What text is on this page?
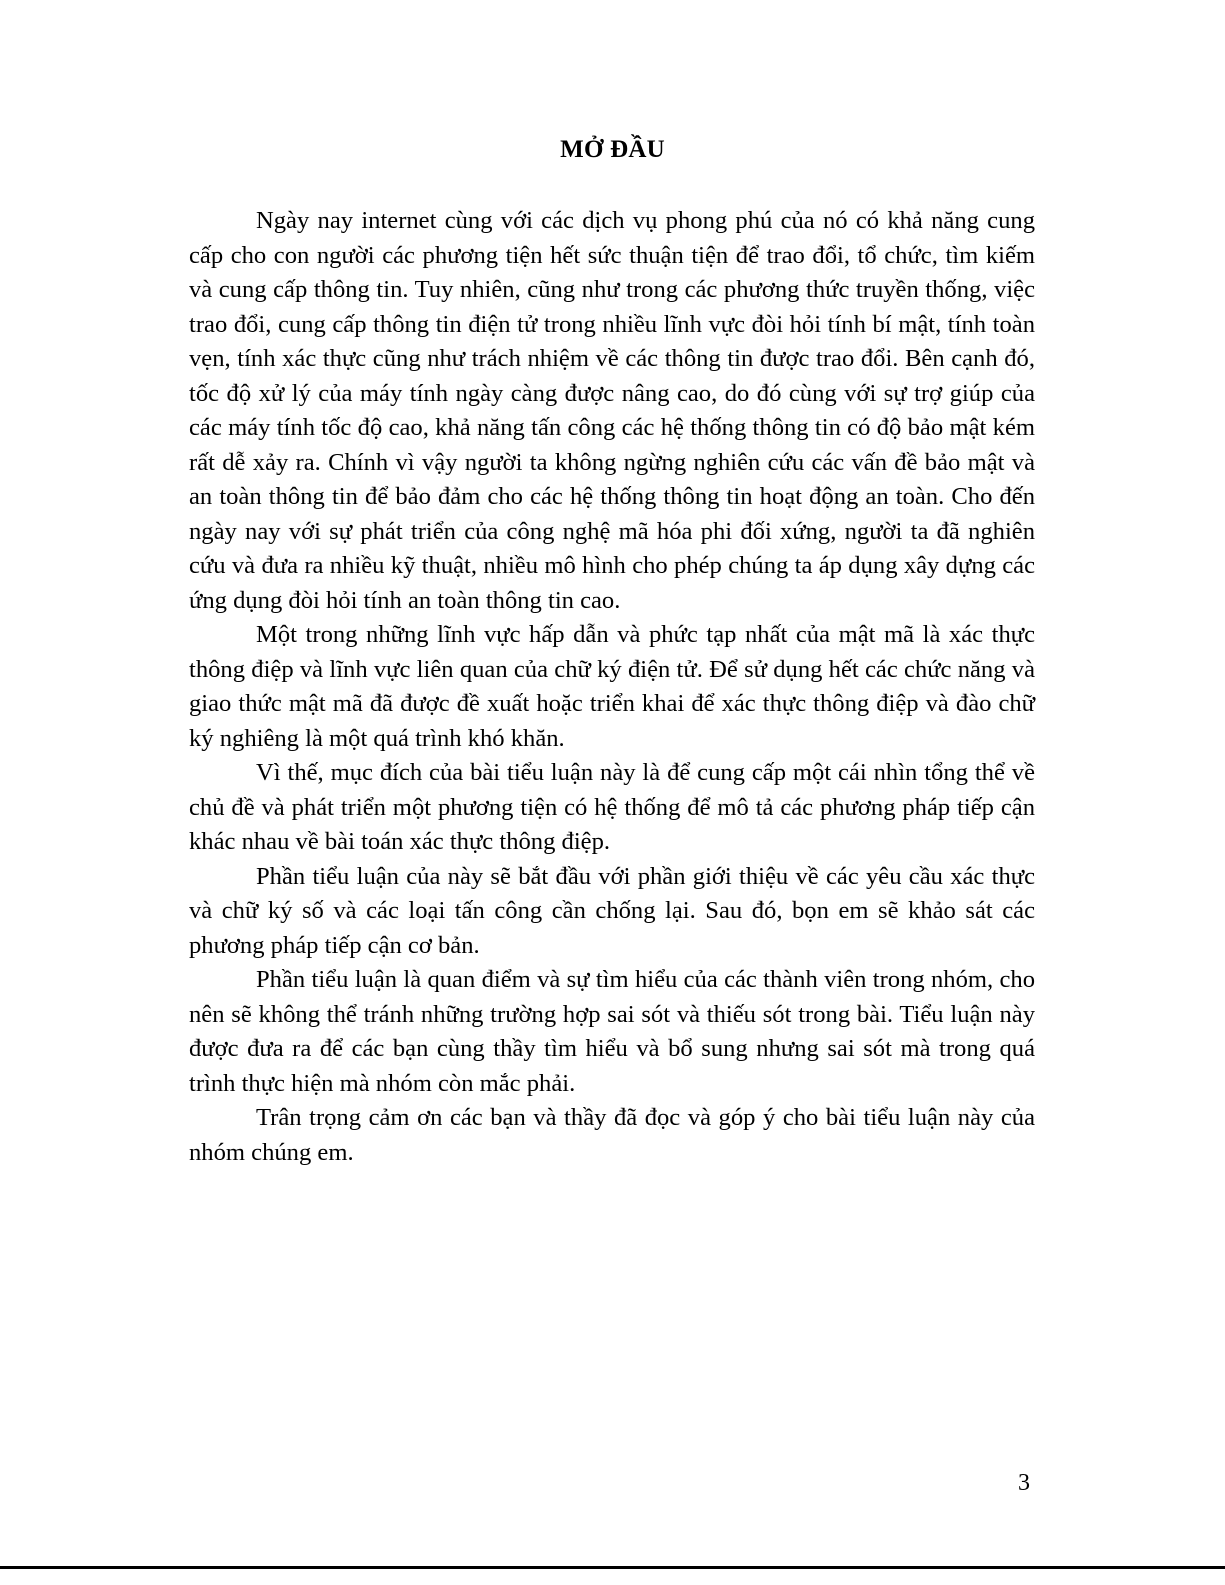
MỞ ĐẦU

Ngày nay internet cùng với các dịch vụ phong phú của nó có khả năng cung cấp cho con người các phương tiện hết sức thuận tiện để trao đổi, tổ chức, tìm kiếm và cung cấp thông tin. Tuy nhiên, cũng như trong các phương thức truyền thống, việc trao đổi, cung cấp thông tin điện tử trong nhiều lĩnh vực đòi hỏi tính bí mật, tính toàn vẹn, tính xác thực cũng như trách nhiệm về các thông tin được trao đổi. Bên cạnh đó, tốc độ xử lý của máy tính ngày càng được nâng cao, do đó cùng với sự trợ giúp của các máy tính tốc độ cao, khả năng tấn công các hệ thống thông tin có độ bảo mật kém rất dễ xảy ra. Chính vì vậy người ta không ngừng nghiên cứu các vấn đề bảo mật và an toàn thông tin để bảo đảm cho các hệ thống thông tin hoạt động an toàn. Cho đến ngày nay với sự phát triển của công nghệ mã hóa phi đối xứng, người ta đã nghiên cứu và đưa ra nhiều kỹ thuật, nhiều mô hình cho phép chúng ta áp dụng xây dựng các ứng dụng đòi hỏi tính an toàn thông tin cao.

Một trong những lĩnh vực hấp dẫn và phức tạp nhất của mật mã là xác thực thông điệp và lĩnh vực liên quan của chữ ký điện tử. Để sử dụng hết các chức năng và giao thức mật mã đã được đề xuất hoặc triển khai để xác thực thông điệp và đào chữ ký nghiêng là một quá trình khó khăn.

Vì thế, mục đích của bài tiểu luận này là để cung cấp một cái nhìn tổng thể về chủ đề và phát triển một phương tiện có hệ thống để mô tả các phương pháp tiếp cận khác nhau về bài toán xác thực thông điệp.

Phần tiểu luận của này sẽ bắt đầu với phần giới thiệu về các yêu cầu xác thực và chữ ký số và các loại tấn công cần chống lại. Sau đó, bọn em sẽ khảo sát các phương pháp tiếp cận cơ bản.

Phần tiểu luận là quan điểm và sự tìm hiểu của các thành viên trong nhóm, cho nên sẽ không thể tránh những trường hợp sai sót và thiếu sót trong bài. Tiểu luận này được đưa ra để các bạn cùng thầy tìm hiểu và bổ sung nhưng sai sót mà trong quá trình thực hiện mà nhóm còn mắc phải.

Trân trọng cảm ơn các bạn và thầy đã đọc và góp ý cho bài tiểu luận này của nhóm chúng em.

3
